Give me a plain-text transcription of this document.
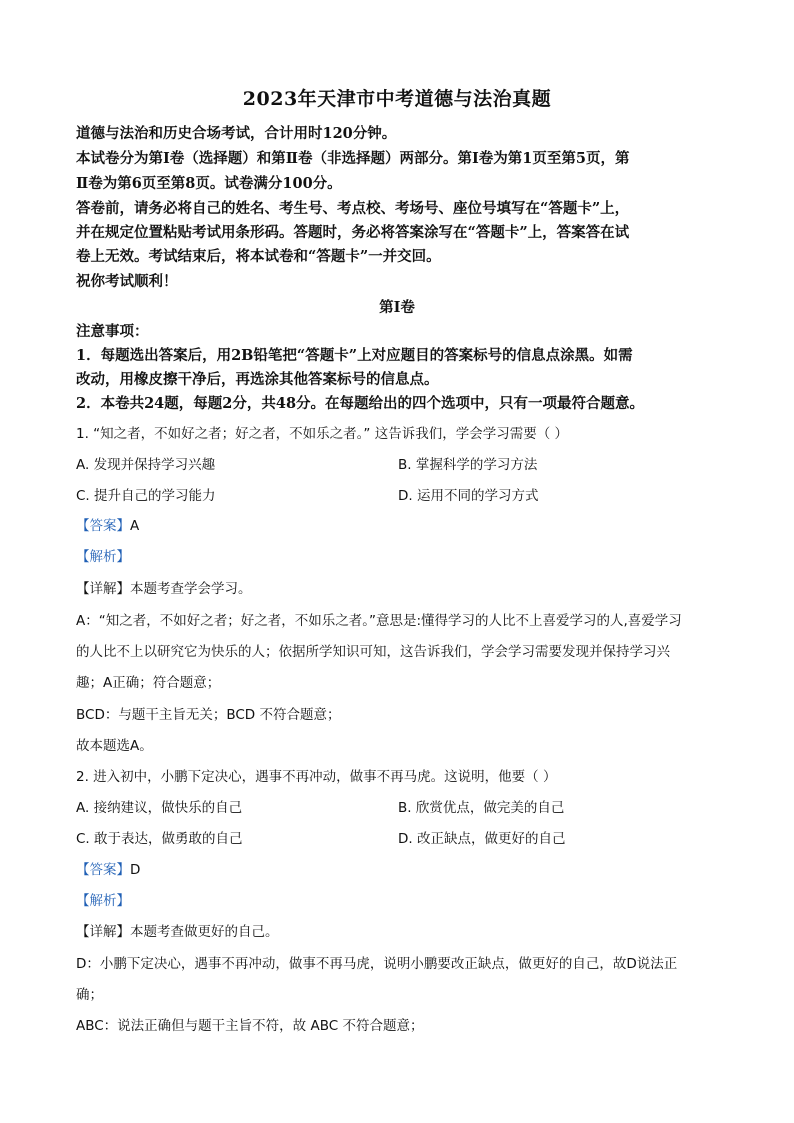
2023年天津市中考道德与法治真题
道德与法治和历史合场考试，合计用时120分钟。
本试卷分为第Ⅰ卷（选择题）和第Ⅱ卷（非选择题）两部分。第Ⅰ卷为第1页至第5页，第
Ⅱ卷为第6页至第8页。试卷满分100分。
答卷前，请务必将自己的姓名、考生号、考点校、考场号、座位号填写在“答题卡”上，
并在规定位置粘贴考试用条形码。答题时，务必将答案涂写在“答题卡”上，答案答在试
卷上无效。考试结束后，将本试卷和“答题卡”一并交回。
祝你考试顺利！
第Ⅰ卷
注意事项：
1．每题选出答案后，用2B铅笔把“答题卡”上对应题目的答案标号的信息点涂黑。如需
改动，用橡皮擦干净后，再选涂其他答案标号的信息点。
2．本卷共24题，每题2分，共48分。在每题给出的四个选项中，只有一项最符合题意。
1. “知之者，不如好之者；好之者，不如乐之者。” 这告诉我们，学会学习需要（ ）
A. 发现并保持学习兴趣	B. 掌握科学的学习方法
C. 提升自己的学习能力	D. 运用不同的学习方式
【答案】A
【解析】
【详解】本题考查学会学习。
A：“知之者，不如好之者；好之者，不如乐之者。”意思是:懂得学习的人比不上喜爱学习的人,喜爱学习
的人比不上以研究它为快乐的人；依据所学知识可知，这告诉我们，学会学习需要发现并保持学习兴
趣；A正确；符合题意；
BCD：与题干主旨无关；BCD 不符合题意；
故本题选A。
2. 进入初中，小鹏下定决心，遇事不再冲动，做事不再马虎。这说明，他要（ ）
A. 接纳建议，做快乐的自己	B. 欣赏优点，做完美的自己
C. 敢于表达，做勇敢的自己	D. 改正缺点，做更好的自己
【答案】D
【解析】
【详解】本题考查做更好的自己。
D：小鹏下定决心，遇事不再冲动，做事不再马虎，说明小鹏要改正缺点，做更好的自己，故D说法正
确；
ABC：说法正确但与题干主旨不符，故 ABC 不符合题意；
